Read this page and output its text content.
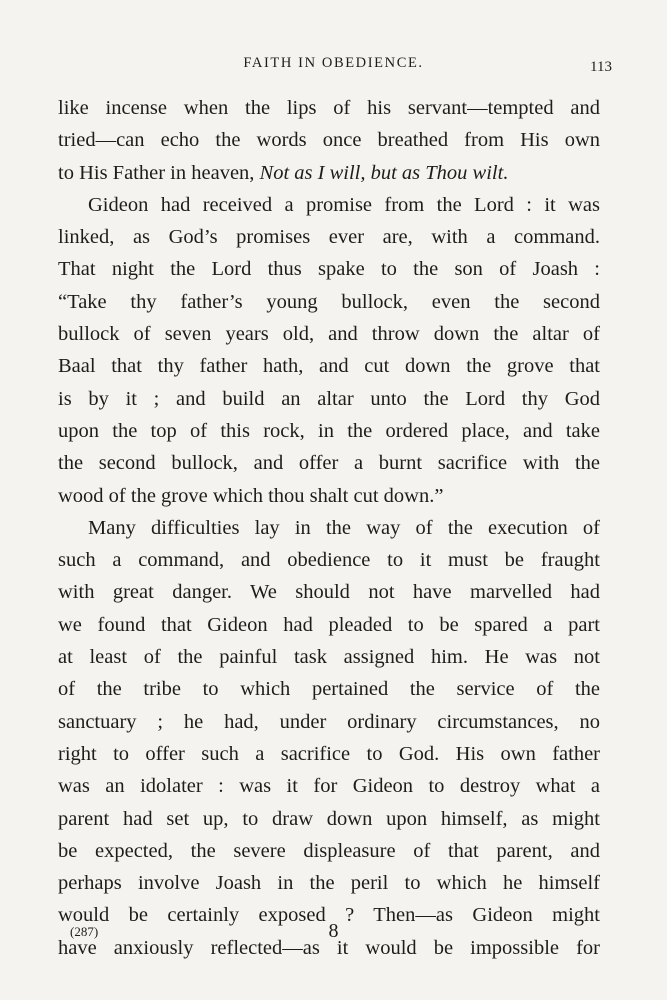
FAITH IN OBEDIENCE.	113
like incense when the lips of his servant—tempted and
tried—can echo the words once breathed from His own
to His Father in heaven, Not as I will, but as Thou wilt.
Gideon had received a promise from the Lord : it was
linked, as God’s promises ever are, with a command.
That night the Lord thus spake to the son of Joash :
“Take thy father’s young bullock, even the second
bullock of seven years old, and throw down the altar of
Baal that thy father hath, and cut down the grove that
is by it ; and build an altar unto the Lord thy God
upon the top of this rock, in the ordered place, and take
the second bullock, and offer a burnt sacrifice with the
wood of the grove which thou shalt cut down.”
Many difficulties lay in the way of the execution of
such a command, and obedience to it must be fraught
with great danger. We should not have marvelled had
we found that Gideon had pleaded to be spared a part
at least of the painful task assigned him. He was not
of the tribe to which pertained the service of the
sanctuary ; he had, under ordinary circumstances, no
right to offer such a sacrifice to God. His own father
was an idolater : was it for Gideon to destroy what a
parent had set up, to draw down upon himself, as might
be expected, the severe displeasure of that parent, and
perhaps involve Joash in the peril to which he himself
would be certainly exposed ? Then—as Gideon might
have anxiously reflected—as it would be impossible for
(287)	8
